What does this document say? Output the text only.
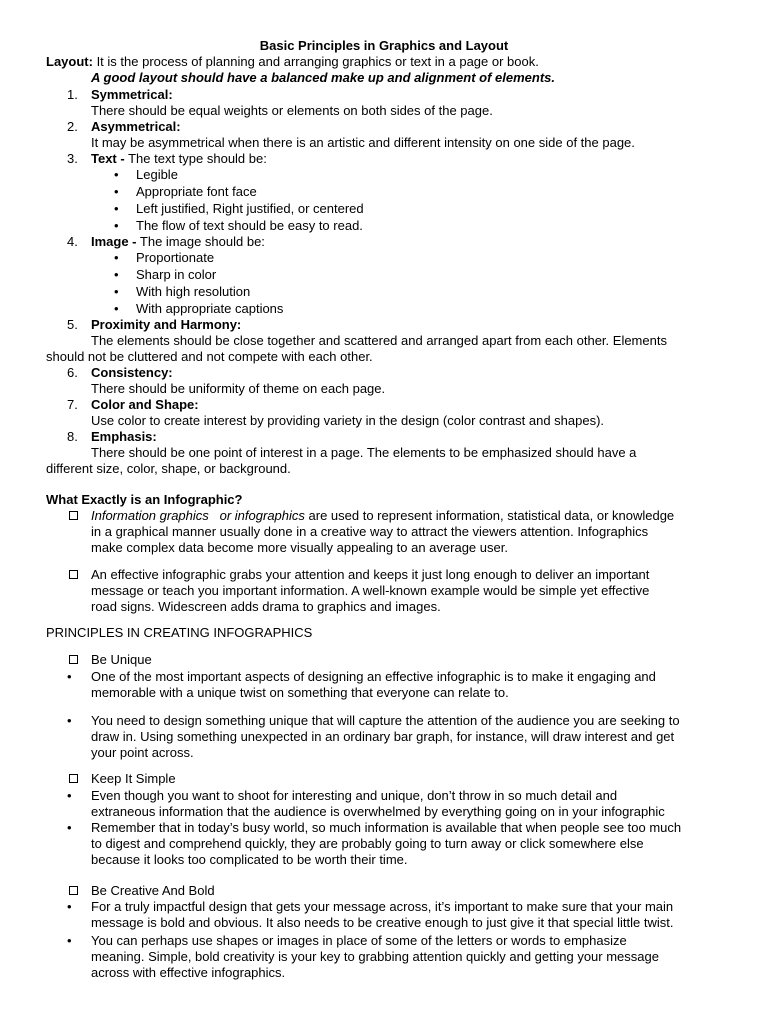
Basic Principles in Graphics and Layout
Layout: It is the process of planning and arranging graphics or text in a page or book.
A good layout should have a balanced make up and alignment of elements.
1. Symmetrical:
There should be equal weights or elements on both sides of the page.
2. Asymmetrical:
It may be asymmetrical when there is an artistic and different intensity on one side of the page.
3. Text - The text type should be:
• Legible
• Appropriate font face
• Left justified, Right justified, or centered
• The flow of text should be easy to read.
4. Image - The image should be:
• Proportionate
• Sharp in color
• With high resolution
• With appropriate captions
5. Proximity and Harmony:
The elements should be close together and scattered and arranged apart from each other. Elements
should not be cluttered and not compete with each other.
6. Consistency:
There should be uniformity of theme on each page.
7. Color and Shape:
Use color to create interest by providing variety in the design (color contrast and shapes).
8. Emphasis:
There should be one point of interest in a page. The elements to be emphasized should have a
different size, color, shape, or background.
What Exactly is an Infographic?
Information graphics or infographics are used to represent information, statistical data, or knowledge
in a graphical manner usually done in a creative way to attract the viewers attention. Infographics
make complex data become more visually appealing to an average user.
An effective infographic grabs your attention and keeps it just long enough to deliver an important
message or teach you important information. A well-known example would be simple yet effective
road signs. Widescreen adds drama to graphics and images.
PRINCIPLES IN CREATING INFOGRAPHICS
Be Unique
• One of the most important aspects of designing an effective infographic is to make it engaging and
memorable with a unique twist on something that everyone can relate to.
• You need to design something unique that will capture the attention of the audience you are seeking to
draw in. Using something unexpected in an ordinary bar graph, for instance, will draw interest and get
your point across.
Keep It Simple
• Even though you want to shoot for interesting and unique, don’t throw in so much detail and
extraneous information that the audience is overwhelmed by everything going on in your infographic
• Remember that in today’s busy world, so much information is available that when people see too much
to digest and comprehend quickly, they are probably going to turn away or click somewhere else
because it looks too complicated to be worth their time.
Be Creative And Bold
• For a truly impactful design that gets your message across, it’s important to make sure that your main
message is bold and obvious. It also needs to be creative enough to just give it that special little twist.
• You can perhaps use shapes or images in place of some of the letters or words to emphasize
meaning. Simple, bold creativity is your key to grabbing attention quickly and getting your message
across with effective infographics.
